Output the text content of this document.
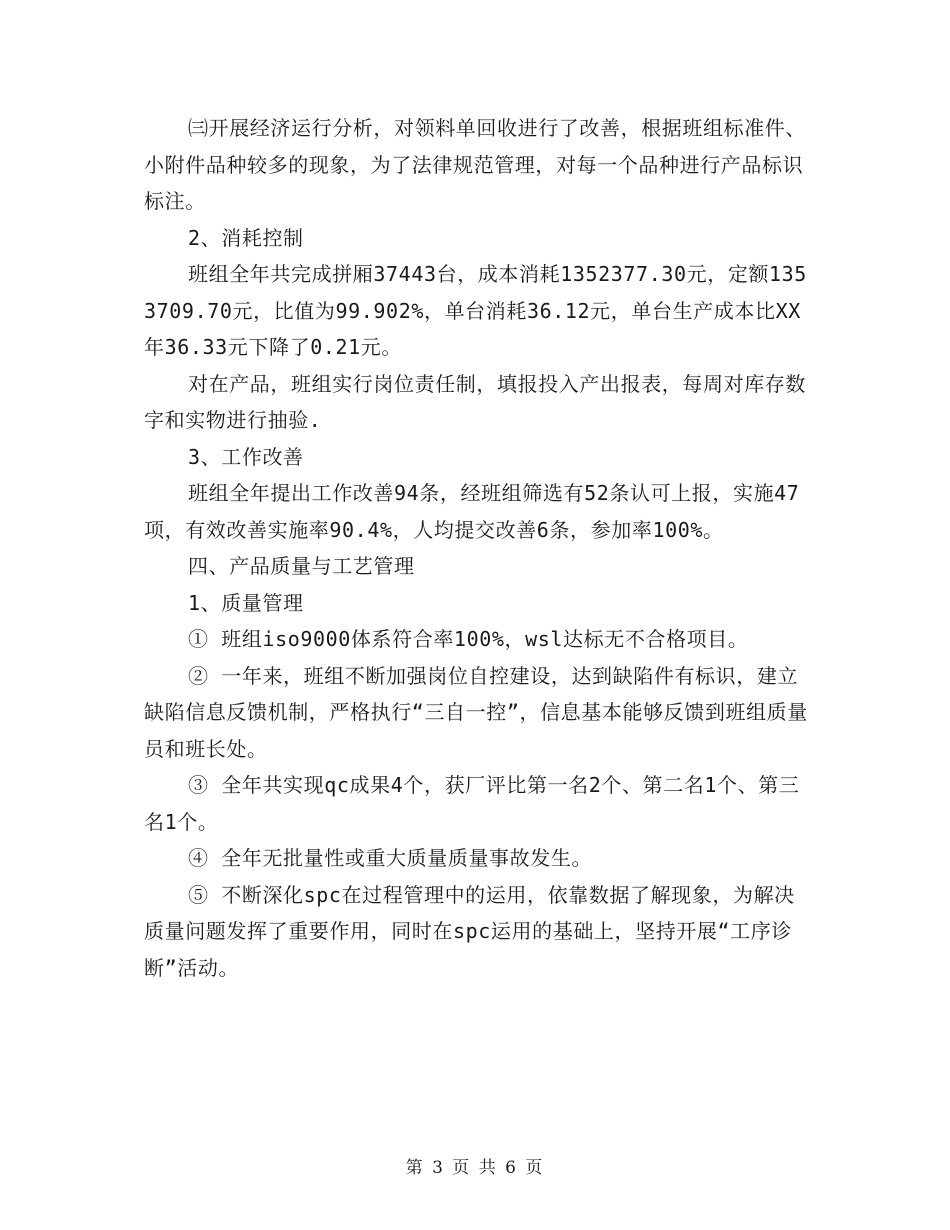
㈢开展经济运行分析，对领料单回收进行了改善，根据班组标准件、小附件品种较多的现象，为了法律规范管理，对每一个品种进行产品标识标注。

2、消耗控制

班组全年共完成拼厢37443台，成本消耗1352377.30元，定额1353709.70元，比值为99.902%，单台消耗36.12元，单台生产成本比XX年36.33元下降了0.21元。

对在产品，班组实行岗位责任制，填报投入产出报表，每周对库存数字和实物进行抽验.

3、工作改善

班组全年提出工作改善94条，经班组筛选有52条认可上报，实施47项，有效改善实施率90.4%，人均提交改善6条，参加率100%。

四、产品质量与工艺管理

1、质量管理

① 班组iso9000体系符合率100%，wsl达标无不合格项目。

② 一年来，班组不断加强岗位自控建设，达到缺陷件有标识，建立缺陷信息反馈机制，严格执行“三自一控”，信息基本能够反馈到班组质量员和班长处。

③ 全年共实现qc成果4个，获厂评比第一名2个、第二名1个、第三名1个。

④ 全年无批量性或重大质量质量事故发生。

⑤ 不断深化spc在过程管理中的运用，依靠数据了解现象，为解决质量问题发挥了重要作用，同时在spc运用的基础上，坚持开展“工序诊断”活动。

第 3 页 共 6 页
